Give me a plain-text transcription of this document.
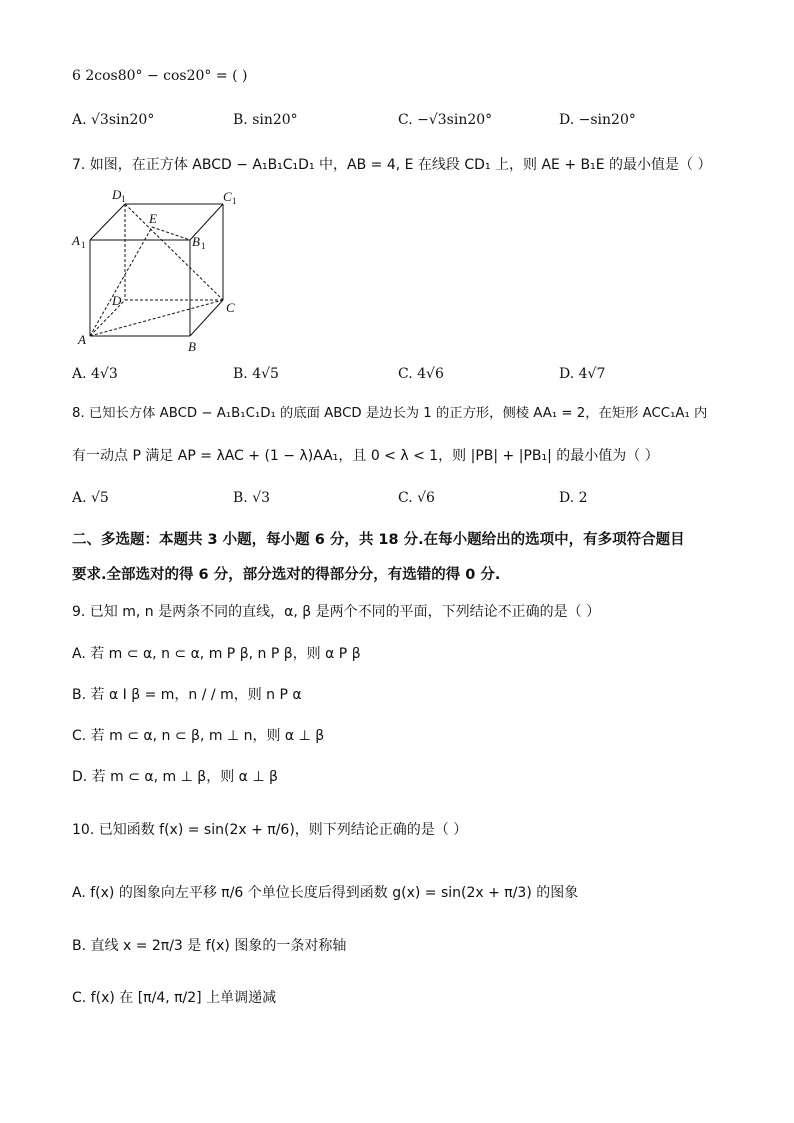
6 2cos80° − cos20° = ( )
A. √3sin20°	B. sin20°	C. −√3sin20°	D. −sin20°
7. 如图，在正方体 ABCD − A₁B₁C₁D₁ 中，AB = 4, E 在线段 CD₁ 上，则 AE + B₁E 的最小值是（ ）
D 1	C 1
A 1	B 1
E
D	C
A	B
A. 4√3	B. 4√5	C. 4√6	D. 4√7
8. 已知长方体 ABCD − A₁B₁C₁D₁ 的底面 ABCD 是边长为 1 的正方形，侧棱 AA₁ = 2，在矩形 ACC₁A₁ 内
有一动点 P 满足 AP = λAC + (1 − λ)AA₁，且 0 < λ < 1，则 |PB| + |PB₁| 的最小值为（ ）
A. √5	B. √3	C. √6	D. 2
二、多选题：本题共 3 小题，每小题 6 分，共 18 分.在每小题给出的选项中，有多项符合题目
要求.全部选对的得 6 分，部分选对的得部分分，有选错的得 0 分.
9. 已知 m, n 是两条不同的直线，α, β 是两个不同的平面，下列结论不正确的是（ ）
A. 若 m ⊂ α, n ⊂ α, m P β, n P β，则 α P β
B. 若 α I β = m，n / / m，则 n P α
C. 若 m ⊂ α, n ⊂ β, m ⊥ n，则 α ⊥ β
D. 若 m ⊂ α, m ⊥ β，则 α ⊥ β
10. 已知函数 f(x) = sin(2x + π/6)，则下列结论正确的是（ ）
A. f(x) 的图象向左平移 π/6 个单位长度后得到函数 g(x) = sin(2x + π/3) 的图象
B. 直线 x = 2π/3 是 f(x) 图象的一条对称轴
C. f(x) 在 [π/4, π/2] 上单调递减
